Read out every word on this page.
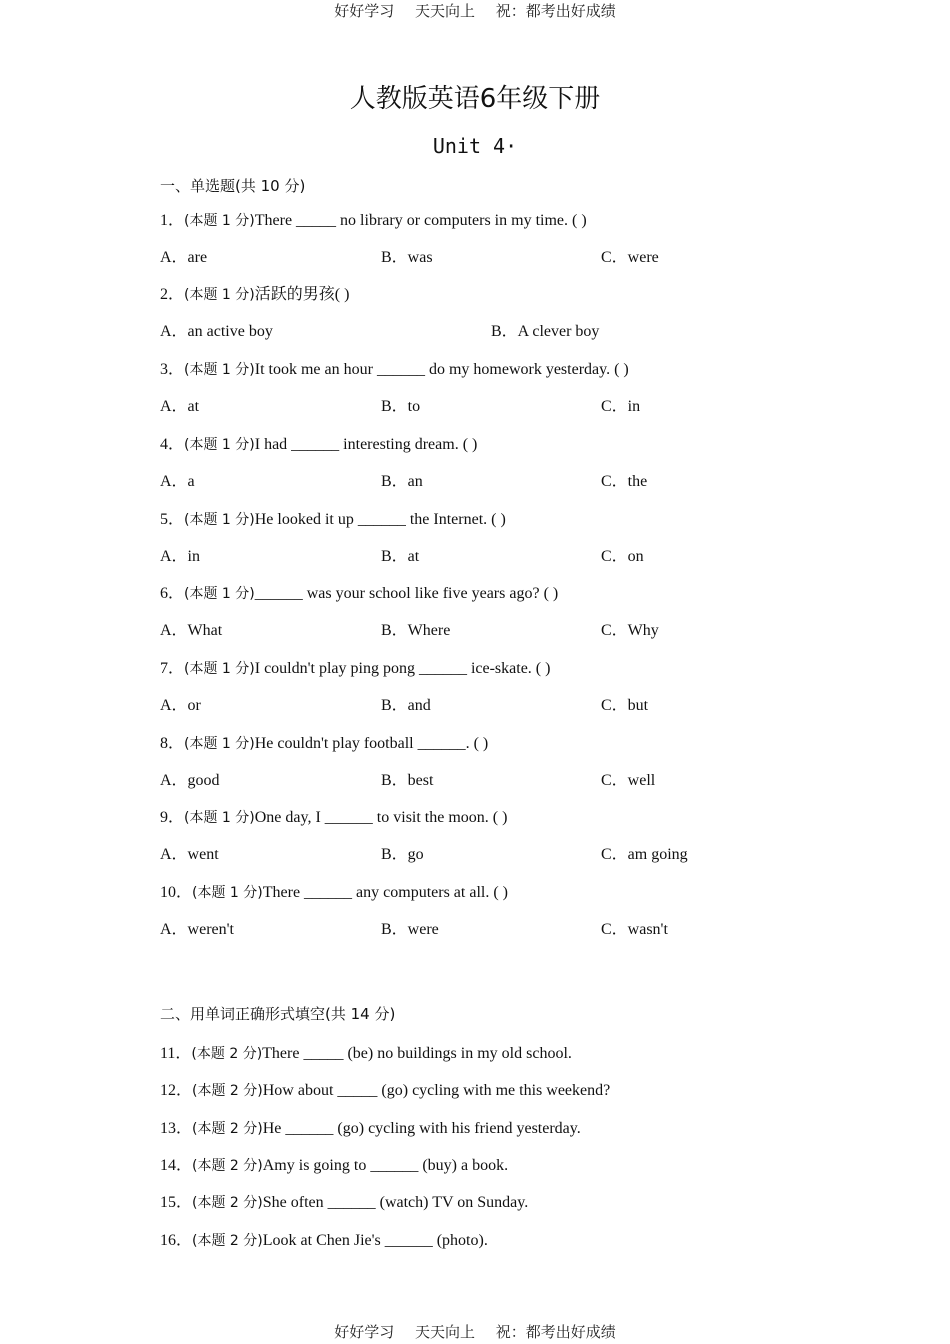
好好学习 天天向上 祝：都考出好成绩
人教版英语6年级下册
Unit 4·
一、单选题(共 10 分)
1．(本题 1 分)There _____ no library or computers in my time. ( )
A．are	B．was	C．were
2．(本题 1 分)活跃的男孩( )
A．an active boy	B．A clever boy
3．(本题 1 分)It took me an hour ______ do my homework yesterday. ( )
A．at	B．to	C．in
4．(本题 1 分)I had ______ interesting dream. ( )
A．a	B．an	C．the
5．(本题 1 分)He looked it up ______ the Internet. ( )
A．in	B．at	C．on
6．(本题 1 分)______ was your school like five years ago? ( )
A．What	B．Where	C．Why
7．(本题 1 分)I couldn't play ping pong ______ ice-skate. ( )
A．or	B．and	C．but
8．(本题 1 分)He couldn't play football ______. ( )
A．good	B．best	C．well
9．(本题 1 分)One day, I ______ to visit the moon. ( )
A．went	B．go	C．am going
10．(本题 1 分)There ______ any computers at all. ( )
A．weren't	B．were	C．wasn't
二、用单词正确形式填空(共 14 分)
11．(本题 2 分)There _____ (be) no buildings in my old school.
12．(本题 2 分)How about _____ (go) cycling with me this weekend?
13．(本题 2 分)He ______ (go) cycling with his friend yesterday.
14．(本题 2 分)Amy is going to ______ (buy) a book.
15．(本题 2 分)She often ______ (watch) TV on Sunday.
16．(本题 2 分)Look at Chen Jie's ______ (photo).
好好学习 天天向上 祝：都考出好成绩
